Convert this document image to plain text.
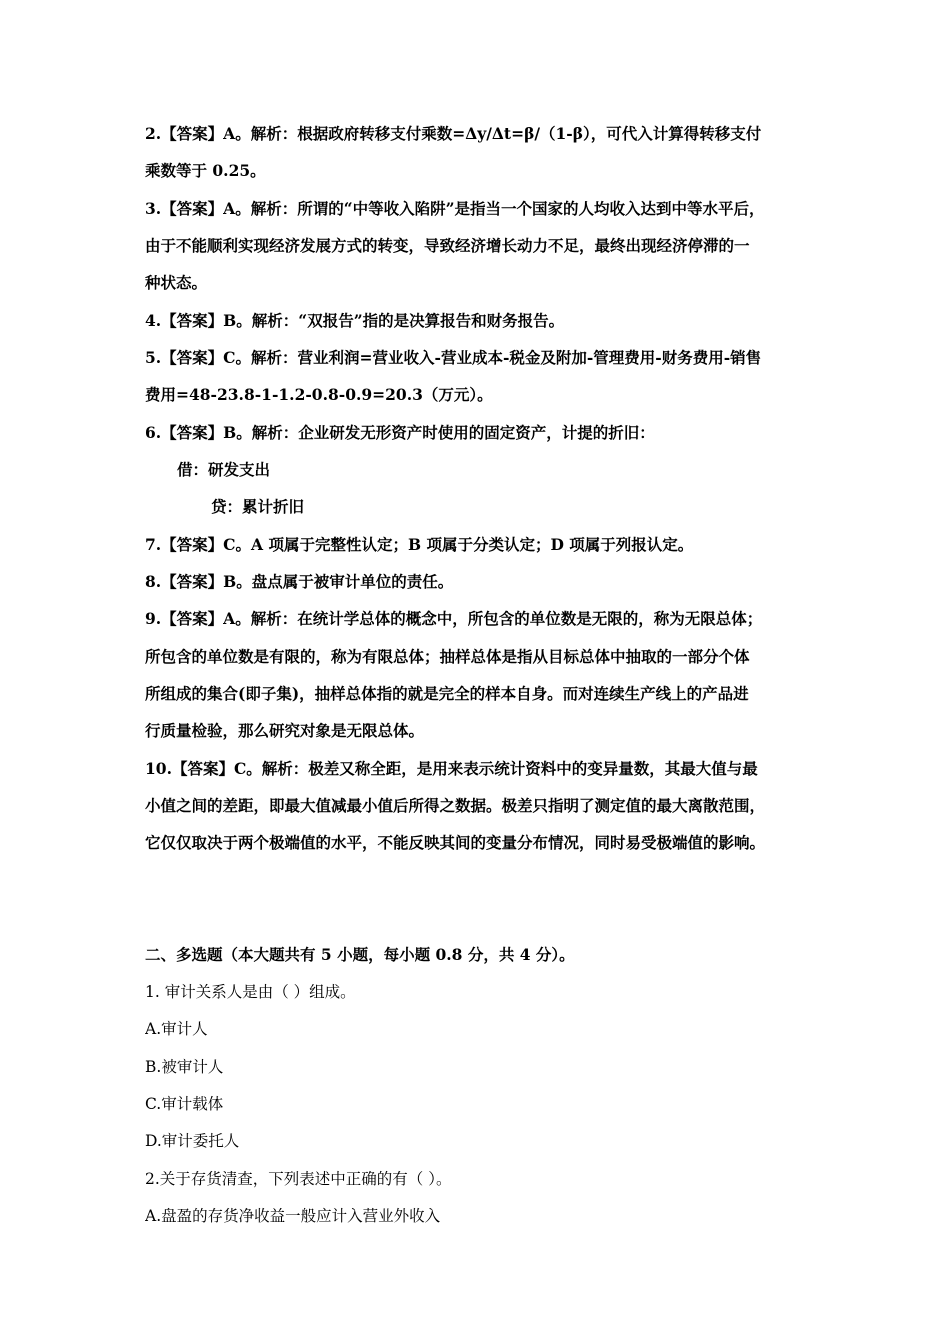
2.【答案】A。解析：根据政府转移支付乘数=Δy/Δt=β/（1-β），可代入计算得转移支付
乘数等于 0.25。
3.【答案】A。解析：所谓的“中等收入陷阱”是指当一个国家的人均收入达到中等水平后，
由于不能顺利实现经济发展方式的转变，导致经济增长动力不足，最终出现经济停滞的一
种状态。
4.【答案】B。解析：“双报告”指的是决算报告和财务报告。
5.【答案】C。解析：营业利润=营业收入-营业成本-税金及附加-管理费用-财务费用-销售
费用=48-23.8-1-1.2-0.8-0.9=20.3（万元）。
6.【答案】B。解析：企业研发无形资产时使用的固定资产，计提的折旧：
借：研发支出
贷：累计折旧
7.【答案】C。A 项属于完整性认定；B 项属于分类认定；D 项属于列报认定。
8.【答案】B。盘点属于被审计单位的责任。
9.【答案】A。解析：在统计学总体的概念中，所包含的单位数是无限的，称为无限总体；
所包含的单位数是有限的，称为有限总体；抽样总体是指从目标总体中抽取的一部分个体
所组成的集合(即子集)，抽样总体指的就是完全的样本自身。而对连续生产线上的产品进
行质量检验，那么研究对象是无限总体。
10.【答案】C。解析：极差又称全距，是用来表示统计资料中的变异量数，其最大值与最
小值之间的差距，即最大值减最小值后所得之数据。极差只指明了测定值的最大离散范围，
它仅仅取决于两个极端值的水平，不能反映其间的变量分布情况，同时易受极端值的影响。
二、多选题（本大题共有 5 小题，每小题 0.8 分，共 4 分）。
1. 审计关系人是由（ ）组成。
A.审计人
B.被审计人
C.审计载体
D.审计委托人
2.关于存货清查，下列表述中正确的有（ ）。
A.盘盈的存货净收益一般应计入营业外收入
